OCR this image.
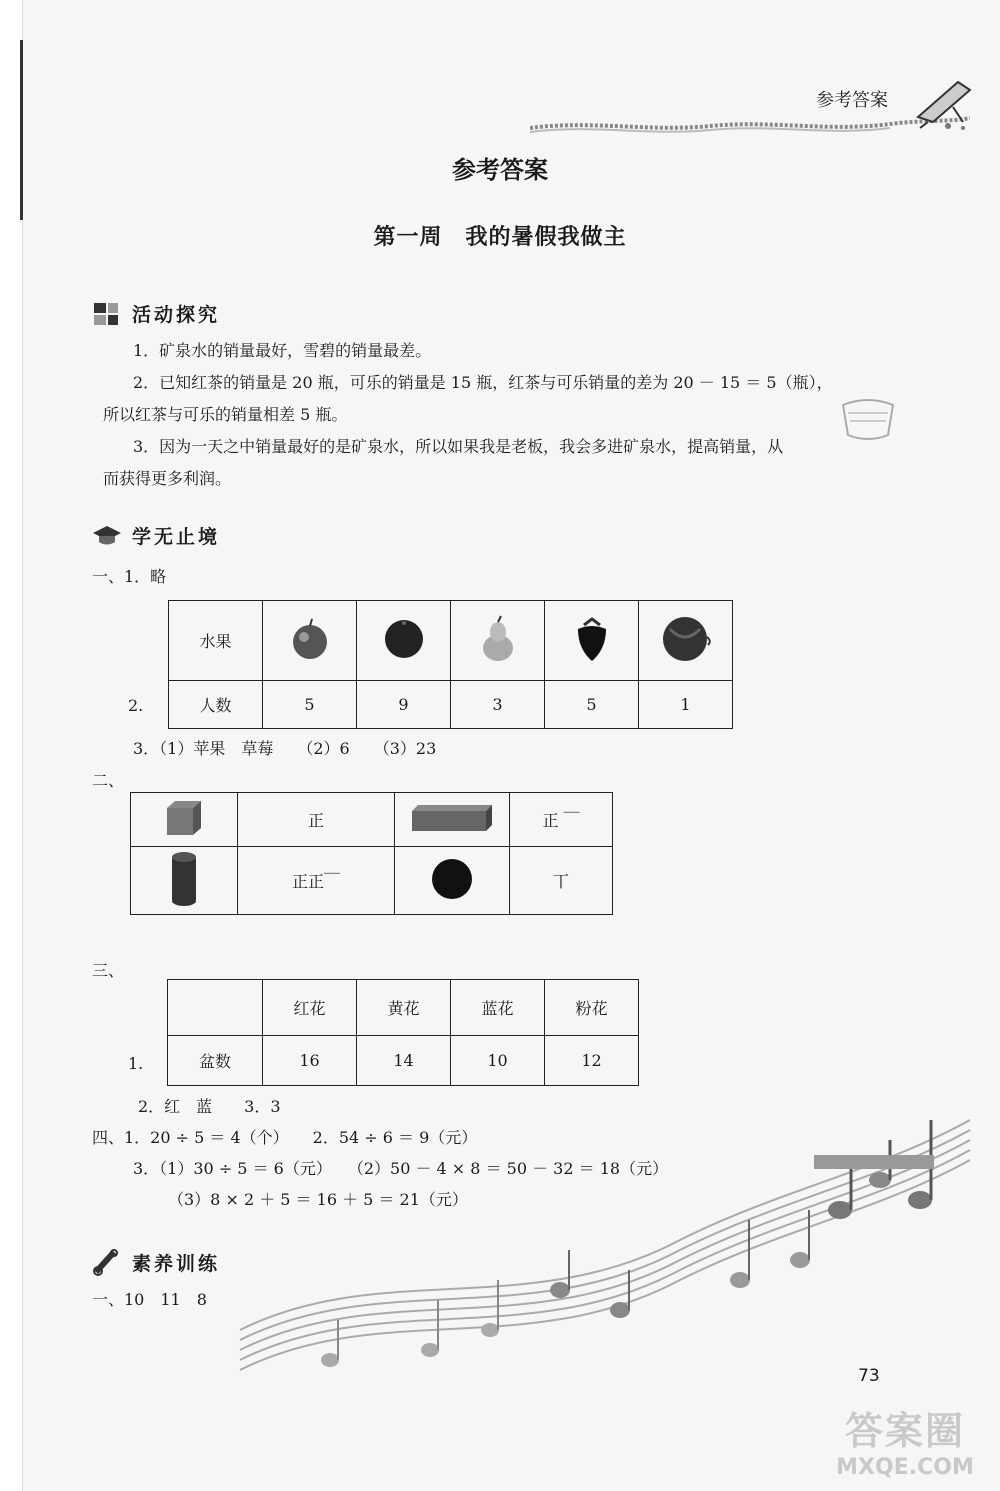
参考答案
参考答案
第一周　我的暑假我做主
活动探究
1．矿泉水的销量最好，雪碧的销量最差。
2．已知红茶的销量是 20 瓶，可乐的销量是 15 瓶，红茶与可乐销量的差为 20 － 15 ＝ 5（瓶），
所以红茶与可乐的销量相差 5 瓶。
3．因为一天之中销量最好的是矿泉水，所以如果我是老板，我会多进矿泉水，提高销量，从
而获得更多利润。
学无止境
一、1．略
水果					
人数	5	9	3	5	1
2.
3．（1）苹果　草莓　　（2）6　　（3）23
二、
	正		正 ￣
	正正￣		丅
三、
	红花	黄花	蓝花	粉花
盆数	16	14	10	12
1.
2．红　蓝　　3．3
四、1．20 ÷ 5 ＝ 4（个）　　2．54 ÷ 6 ＝ 9（元）
3．（1）30 ÷ 5 ＝ 6（元）　　（2）50 － 4 × 8 ＝ 50 － 32 ＝ 18（元）
（3）8 × 2 ＋ 5 ＝ 16 ＋ 5 ＝ 21（元）
素养训练
一、10　11　8
73
答案圈
MXQE.COM
